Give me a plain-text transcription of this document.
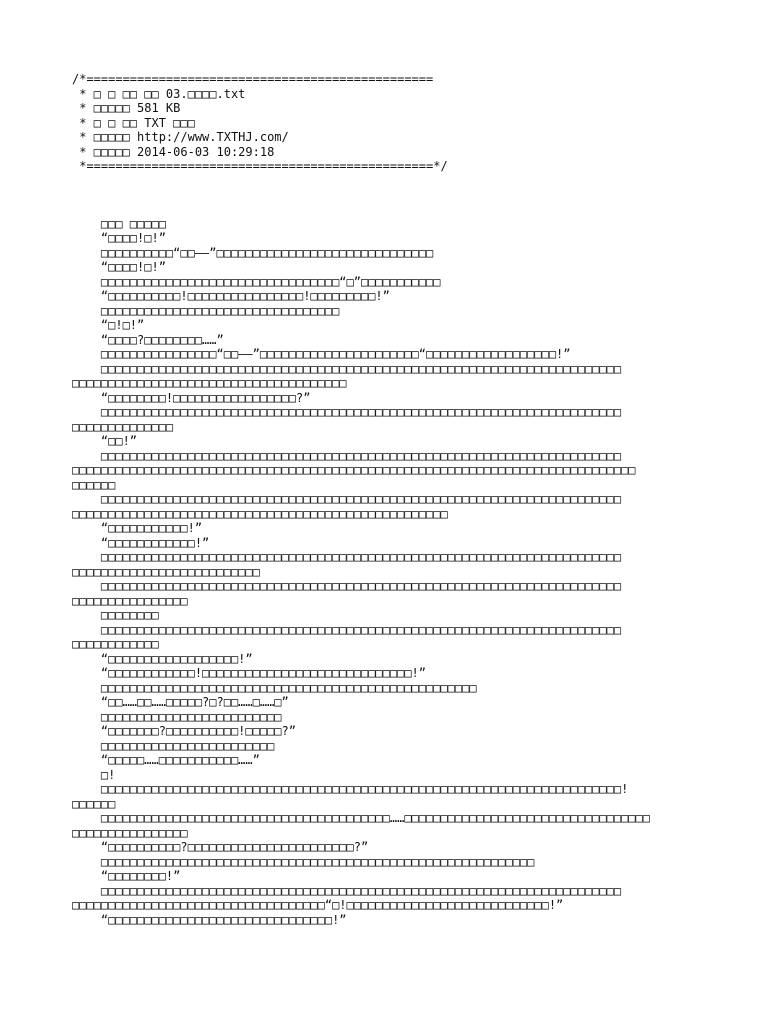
/*================================================
* □ □ □□ □□ 03.□□□□.txt
* □□□□□ 581 KB
* □ □ □□ TXT □□□
* □□□□□ http://www.TXTHJ.com/
* □□□□□ 2014-06-03 10:29:18
*================================================*/
□□□ □□□□□
“□□□□!□!”
□□□□□□□□□□“□□——”□□□□□□□□□□□□□□□□□□□□□□□□□□□□□□
“□□□□!□!”
□□□□□□□□□□□□□□□□□□□□□□□□□□□□□□□□□“□”□□□□□□□□□□□
“□□□□□□□□□□!□□□□□□□□□□□□□□□□!□□□□□□□□□!”
□□□□□□□□□□□□□□□□□□□□□□□□□□□□□□□□□
“□!□!”
“□□□□?□□□□□□□□……”
□□□□□□□□□□□□□□□□“□□——”□□□□□□□□□□□□□□□□□□□□□□“□□□□□□□□□□□□□□□□□□!”
□□□□□□□□□□□□□□□□□□□□□□□□□□□□□□□□□□□□□□□□□□□□□□□□□□□□□□□□□□□□□□□□□□□□□□□□
□□□□□□□□□□□□□□□□□□□□□□□□□□□□□□□□□□□□□□
“□□□□□□□□!□□□□□□□□□□□□□□□□□?”
□□□□□□□□□□□□□□□□□□□□□□□□□□□□□□□□□□□□□□□□□□□□□□□□□□□□□□□□□□□□□□□□□□□□□□□□
□□□□□□□□□□□□□□
“□□!”
□□□□□□□□□□□□□□□□□□□□□□□□□□□□□□□□□□□□□□□□□□□□□□□□□□□□□□□□□□□□□□□□□□□□□□□□
□□□□□□□□□□□□□□□□□□□□□□□□□□□□□□□□□□□□□□□□□□□□□□□□□□□□□□□□□□□□□□□□□□□□□□□□□□□□□□
□□□□□□
□□□□□□□□□□□□□□□□□□□□□□□□□□□□□□□□□□□□□□□□□□□□□□□□□□□□□□□□□□□□□□□□□□□□□□□□
□□□□□□□□□□□□□□□□□□□□□□□□□□□□□□□□□□□□□□□□□□□□□□□□□□□□
“□□□□□□□□□□□!”
“□□□□□□□□□□□□!”
□□□□□□□□□□□□□□□□□□□□□□□□□□□□□□□□□□□□□□□□□□□□□□□□□□□□□□□□□□□□□□□□□□□□□□□□
□□□□□□□□□□□□□□□□□□□□□□□□□□
□□□□□□□□□□□□□□□□□□□□□□□□□□□□□□□□□□□□□□□□□□□□□□□□□□□□□□□□□□□□□□□□□□□□□□□□
□□□□□□□□□□□□□□□□
□□□□□□□□
□□□□□□□□□□□□□□□□□□□□□□□□□□□□□□□□□□□□□□□□□□□□□□□□□□□□□□□□□□□□□□□□□□□□□□□□
□□□□□□□□□□□□
“□□□□□□□□□□□□□□□□□□!”
“□□□□□□□□□□□□!□□□□□□□□□□□□□□□□□□□□□□□□□□□□□!”
□□□□□□□□□□□□□□□□□□□□□□□□□□□□□□□□□□□□□□□□□□□□□□□□□□□□
“□□……□□……□□□□□?□?□□……□……□”
□□□□□□□□□□□□□□□□□□□□□□□□□
“□□□□□□□?□□□□□□□□□□!□□□□□?”
□□□□□□□□□□□□□□□□□□□□□□□□
“□□□□□……□□□□□□□□□□□……”
□!
□□□□□□□□□□□□□□□□□□□□□□□□□□□□□□□□□□□□□□□□□□□□□□□□□□□□□□□□□□□□□□□□□□□□□□□□!
□□□□□□
□□□□□□□□□□□□□□□□□□□□□□□□□□□□□□□□□□□□□□□□……□□□□□□□□□□□□□□□□□□□□□□□□□□□□□□□□□□
□□□□□□□□□□□□□□□□
“□□□□□□□□□□?□□□□□□□□□□□□□□□□□□□□□□□?”
□□□□□□□□□□□□□□□□□□□□□□□□□□□□□□□□□□□□□□□□□□□□□□□□□□□□□□□□□□□□
“□□□□□□□□!”
□□□□□□□□□□□□□□□□□□□□□□□□□□□□□□□□□□□□□□□□□□□□□□□□□□□□□□□□□□□□□□□□□□□□□□□□
□□□□□□□□□□□□□□□□□□□□□□□□□□□□□□□□□□□“□!□□□□□□□□□□□□□□□□□□□□□□□□□□□□!”
“□□□□□□□□□□□□□□□□□□□□□□□□□□□□□□□!”
